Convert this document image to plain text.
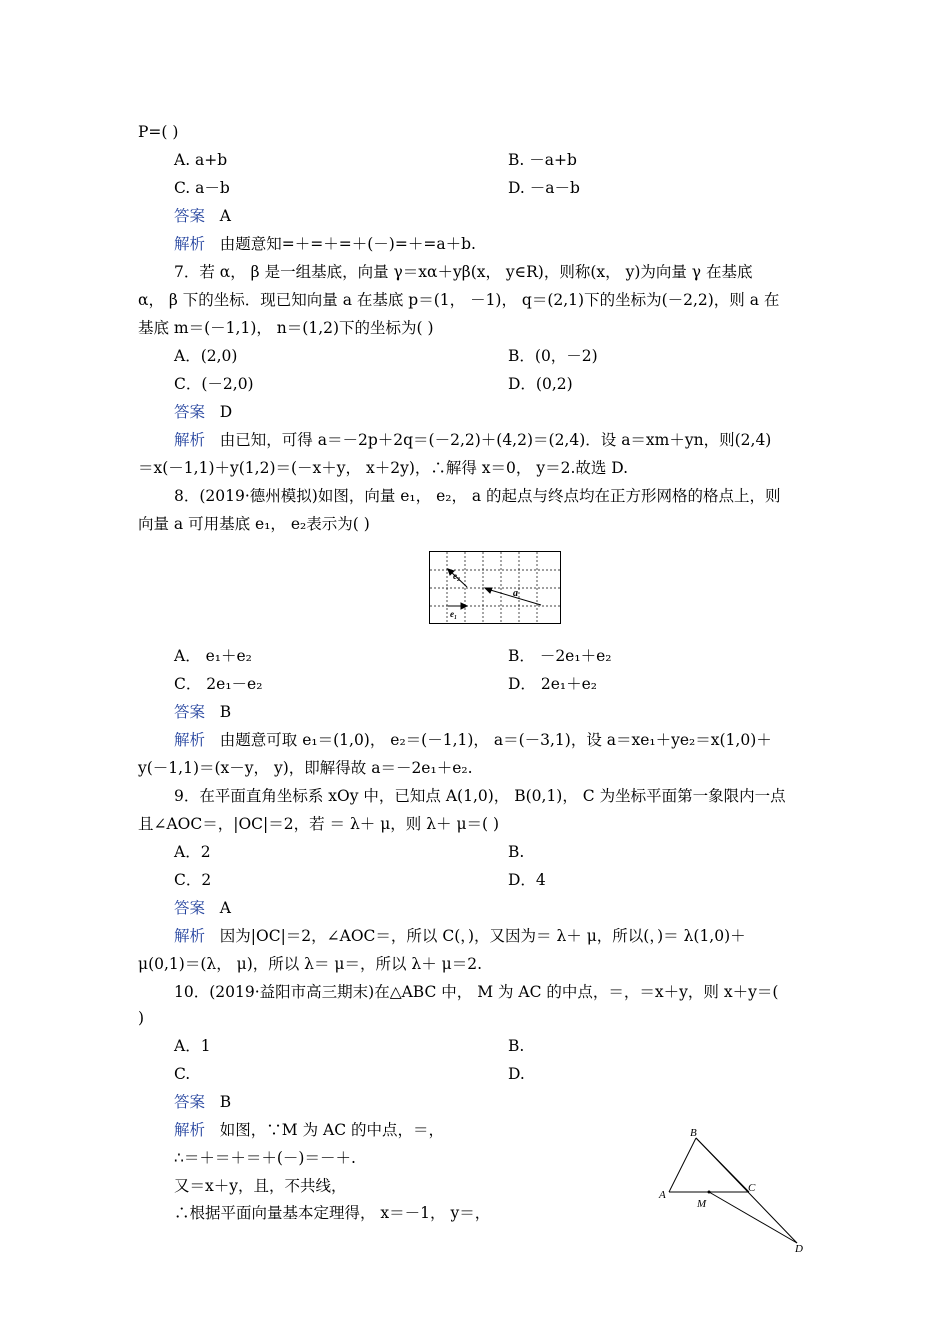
P=( )
A. a+b	B. －a+b
C. a－b	D. －a－b
答案 A
解析 由题意知=＋=＋=＋(－)=＋=a＋b.
7．若 α， β 是一组基底，向量 γ＝xα＋yβ(x， y∈R)，则称(x， y)为向量 γ 在基底
α， β 下的坐标．现已知向量 a 在基底 p＝(1， －1)， q＝(2,1)下的坐标为(－2,2)，则 a 在
基底 m＝(－1,1)， n＝(1,2)下的坐标为( )
A．(2,0)	B．(0，－2)
C．(－2,0)	D．(0,2)
答案 D
解析 由已知，可得 a＝－2p＋2q＝(－2,2)＋(4,2)＝(2,4)．设 a＝xm＋yn，则(2,4)
＝x(－1,1)＋y(1,2)＝(－x＋y， x＋2y)，∴解得 x＝0， y＝2.故选 D.
8．(2019·德州模拟)如图，向量 e₁， e₂， a 的起点与终点均在正方形网格的格点上，则
向量 a 可用基底 e₁， e₂表示为( )
e₂
a
e₁
A． e₁＋e₂	B． －2e₁＋e₂
C． 2e₁－e₂	D． 2e₁＋e₂
答案 B
解析 由题意可取 e₁＝(1,0)， e₂＝(－1,1)， a＝(－3,1)，设 a＝xe₁＋ye₂＝x(1,0)＋
y(－1,1)＝(x－y， y)，即解得故 a＝－2e₁＋e₂.
9．在平面直角坐标系 xOy 中，已知点 A(1,0)， B(0,1)， C 为坐标平面第一象限内一点
且∠AOC＝，|OC|＝2，若 ＝ λ＋ μ，则 λ＋ μ＝( )
A．2	B.
C．2	D．4
答案 A
解析 因为|OC|＝2，∠AOC＝，所以 C(，)，又因为＝ λ＋ μ，所以(，)＝ λ(1,0)＋
μ(0,1)＝(λ， μ)，所以 λ＝ μ＝，所以 λ＋ μ＝2.
10．(2019·益阳市高三期末)在△ABC 中， M 为 AC 的中点，＝，＝x＋y，则 x＋y＝(
)
A．1	B.
C.	D.
答案 B
解析 如图，∵M 为 AC 的中点，＝，
∴＝＋＝＋＝＋(－)＝－＋.
又＝x＋y，且，不共线，
∴根据平面向量基本定理得， x＝－1， y＝，
B
A
C
M
D
